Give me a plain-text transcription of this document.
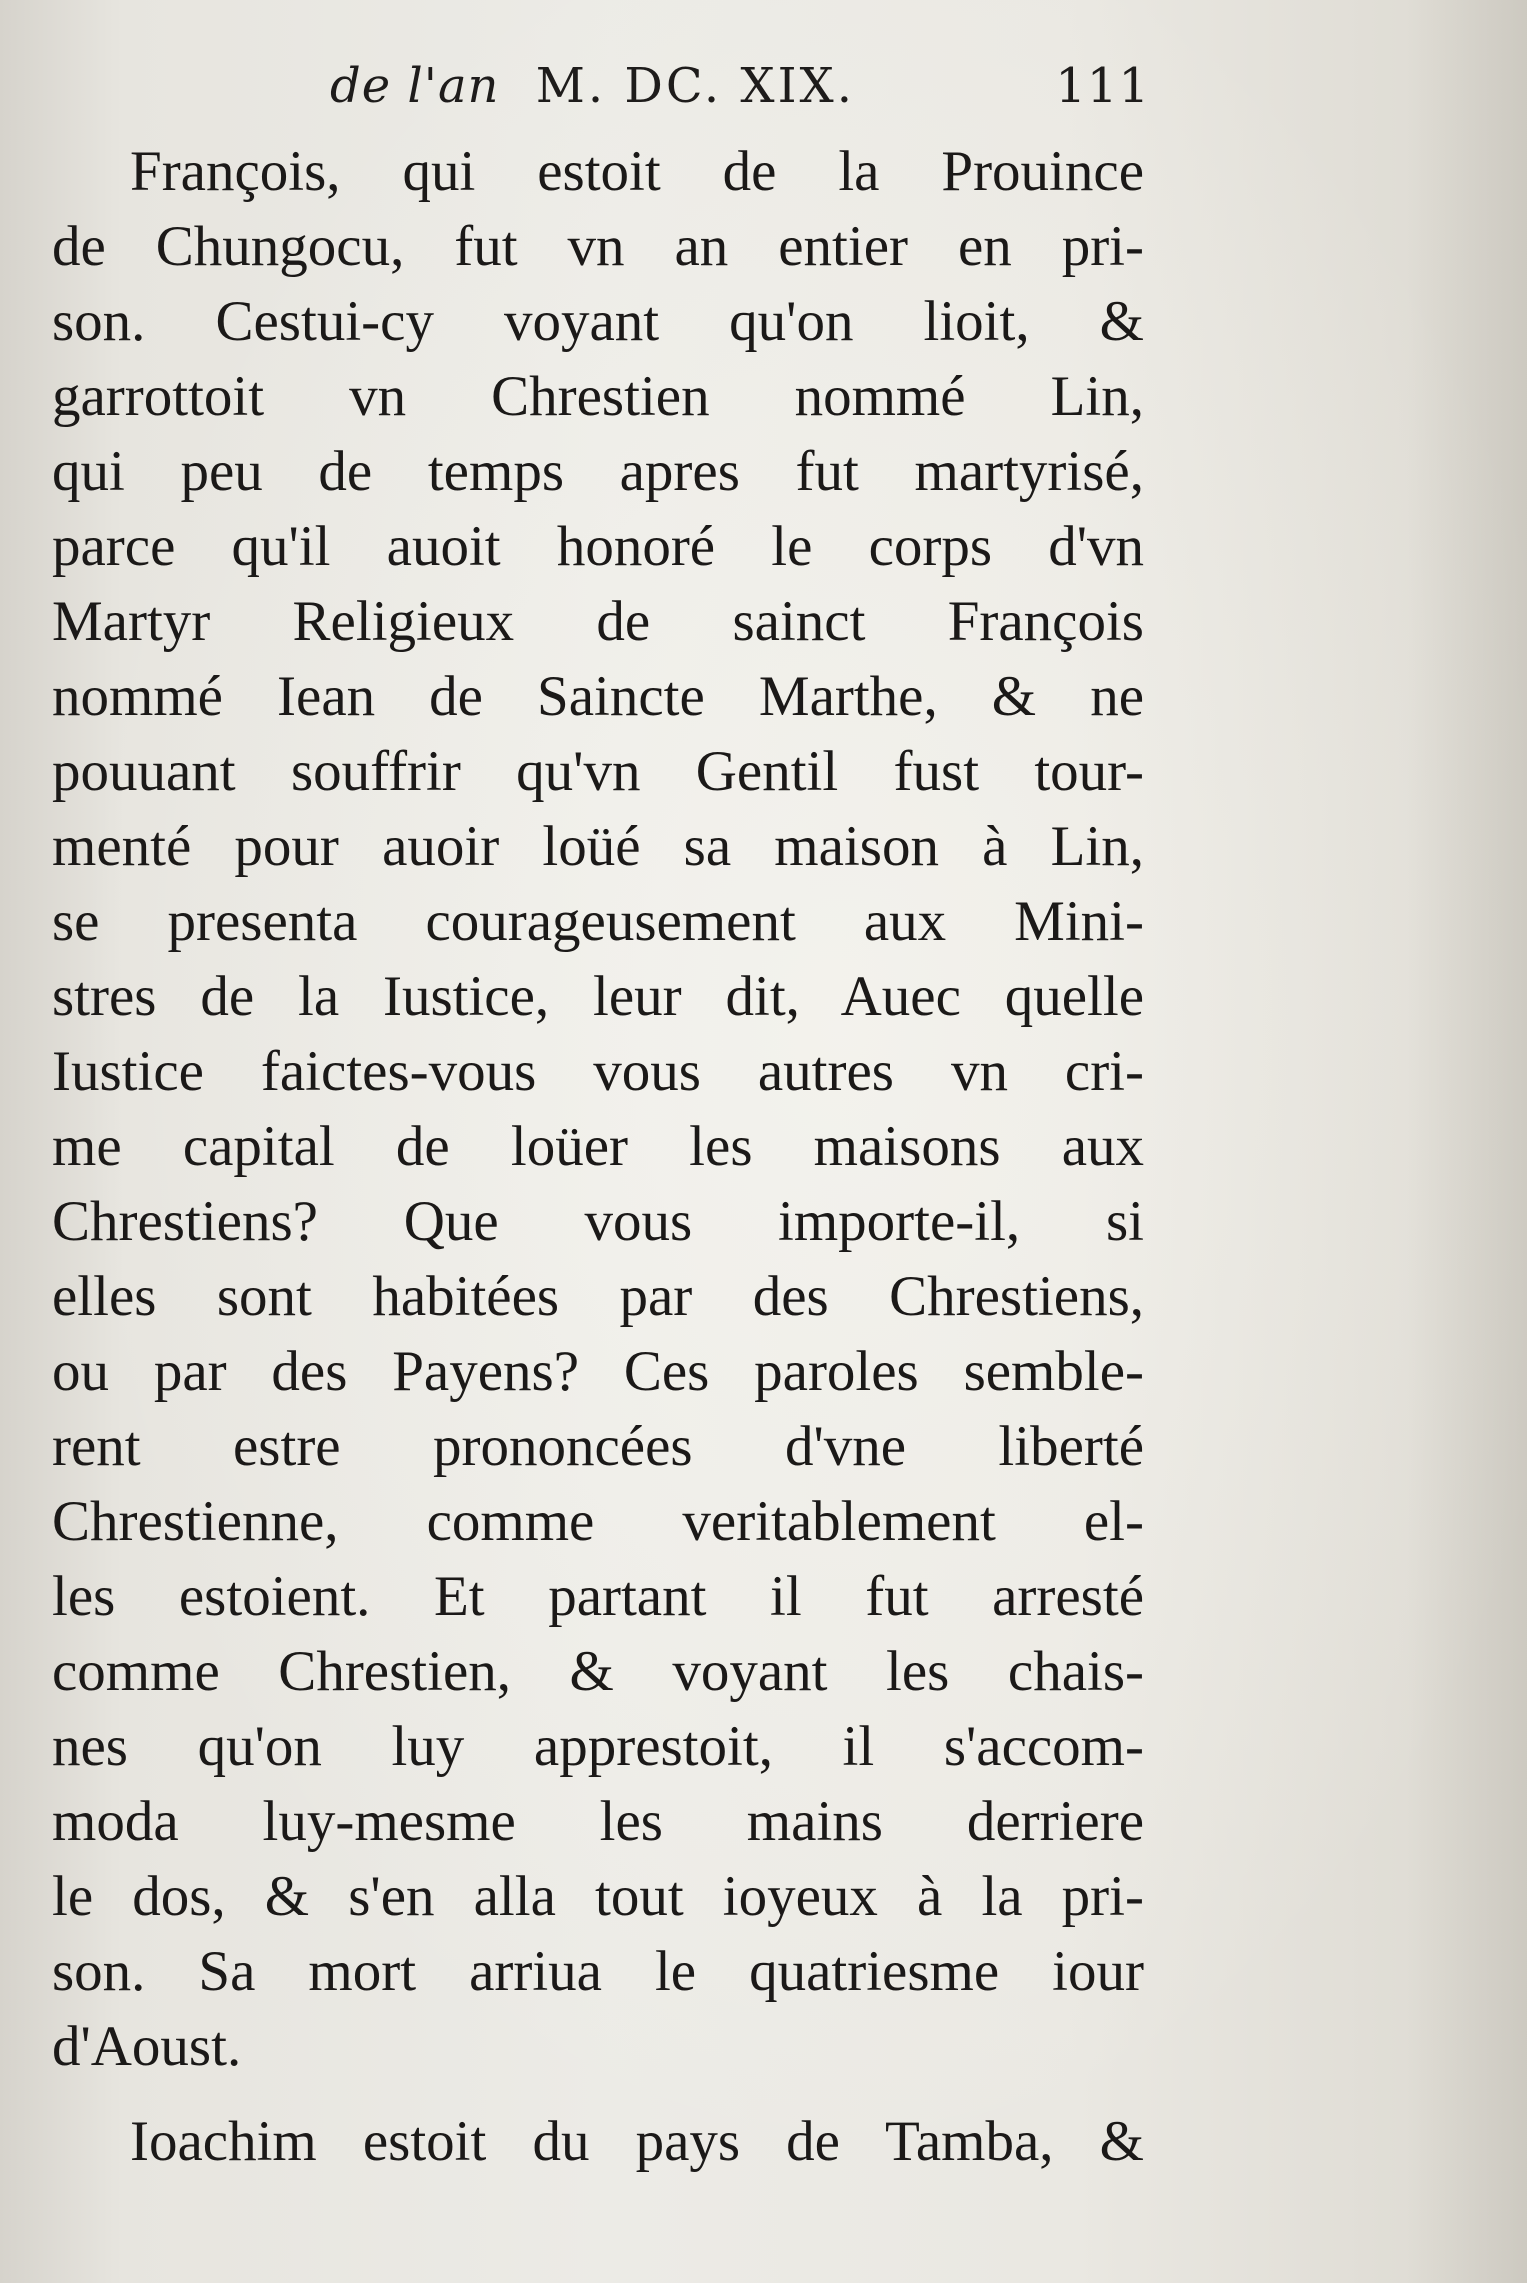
de l'an M. DC. XIX.	111
François, qui estoit de la Prouince
de Chungocu, fut vn an entier en pri-
son. Cestui-cy voyant qu'on lioit, &
garrottoit vn Chrestien nommé Lin,
qui peu de temps apres fut martyrisé,
parce qu'il auoit honoré le corps d'vn
Martyr Religieux de sainct François
nommé Iean de Saincte Marthe, & ne
pouuant souffrir qu'vn Gentil fust tour-
menté pour auoir loüé sa maison à Lin,
se presenta courageusement aux Mini-
stres de la Iustice, leur dit, Auec quelle
Iustice faictes-vous vous autres vn cri-
me capital de loüer les maisons aux
Chrestiens? Que vous importe-il, si
elles sont habitées par des Chrestiens,
ou par des Payens? Ces paroles semble-
rent estre prononcées d'vne liberté
Chrestienne, comme veritablement el-
les estoient. Et partant il fut arresté
comme Chrestien, & voyant les chais-
nes qu'on luy apprestoit, il s'accom-
moda luy-mesme les mains derriere
le dos, & s'en alla tout ioyeux à la pri-
son. Sa mort arriua le quatriesme iour
d'Aoust.
Ioachim estoit du pays de Tamba, &
